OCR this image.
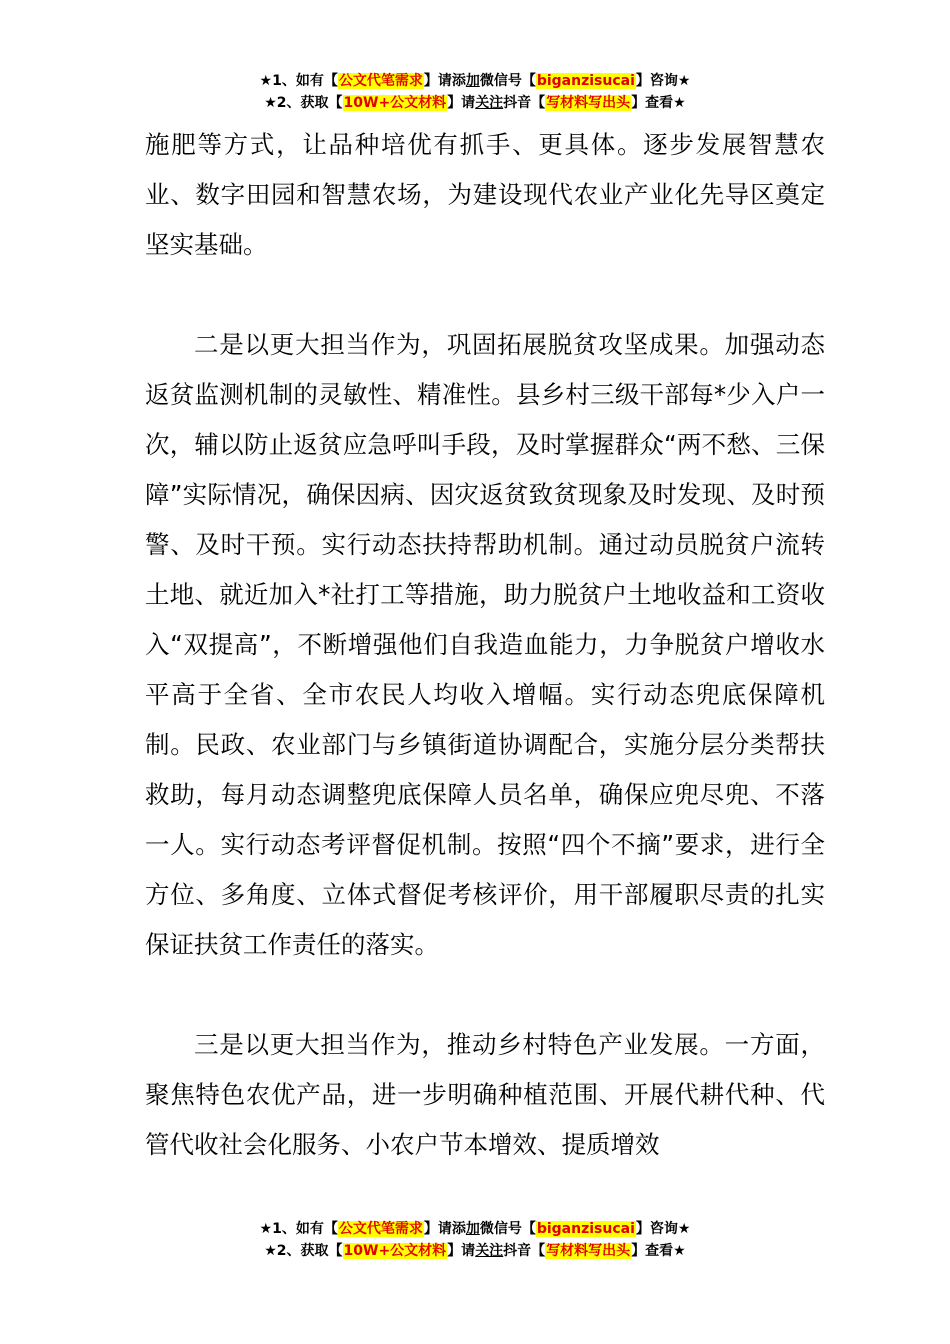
★1、如有【公文代笔需求】请添加微信号【biganzisucai】咨询★
★2、获取【10W+公文材料】请关注抖音【写材料写出头】查看★

施肥等方式，让品种培优有抓手、更具体。逐步发展智慧农业、数字田园和智慧农场，为建设现代农业产业化先导区奠定坚实基础。

二是以更大担当作为，巩固拓展脱贫攻坚成果。加强动态返贫监测机制的灵敏性、精准性。县乡村三级干部每*少入户一次，辅以防止返贫应急呼叫手段，及时掌握群众“两不愁、三保障”实际情况，确保因病、因灾返贫致贫现象及时发现、及时预警、及时干预。实行动态扶持帮助机制。通过动员脱贫户流转土地、就近加入*社打工等措施，助力脱贫户土地收益和工资收入“双提高”，不断增强他们自我造血能力，力争脱贫户增收水平高于全省、全市农民人均收入增幅。实行动态兜底保障机制。民政、农业部门与乡镇街道协调配合，实施分层分类帮扶救助，每月动态调整兜底保障人员名单，确保应兜尽兜、不落一人。实行动态考评督促机制。按照“四个不摘”要求，进行全方位、多角度、立体式督促考核评价，用干部履职尽责的扎实保证扶贫工作责任的落实。

三是以更大担当作为，推动乡村特色产业发展。一方面，聚焦特色农优产品，进一步明确种植范围、开展代耕代种、代管代收社会化服务、小农户节本增效、提质增效

★1、如有【公文代笔需求】请添加微信号【biganzisucai】咨询★
★2、获取【10W+公文材料】请关注抖音【写材料写出头】查看★
